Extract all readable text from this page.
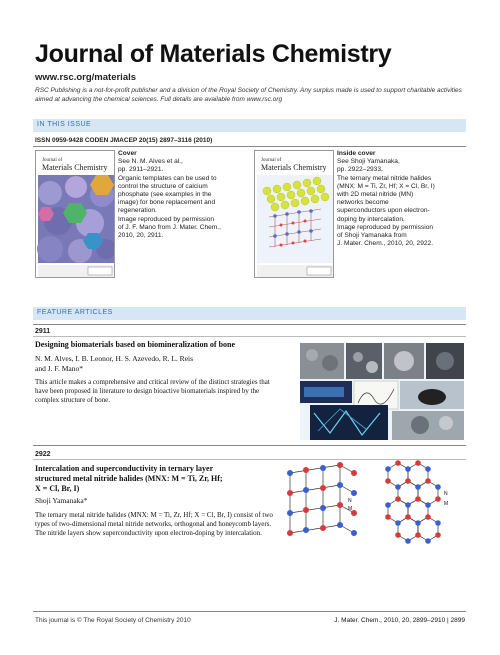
Journal of Materials Chemistry
www.rsc.org/materials
RSC Publishing is a not-for-profit publisher and a division of the Royal Society of Chemistry. Any surplus made is used to support charitable activities aimed at advancing the chemical sciences. Full details are available from www.rsc.org
IN THIS ISSUE
ISSN 0959-9428 CODEN JMACEP 20(15) 2897–3116 (2010)
Journal of
Materials Chemistry
Cover
See N. M. Alves et al.,
pp. 2911–2921.
Organic templates can be used to
control the structure of calcium
phosphate (see examples in the
image) for bone replacement and
regeneration.
Image reproduced by permission
of J. F. Mano from J. Mater. Chem.,
2010, 20, 2911.
Journal of
Materials Chemistry
Inside cover
See Shoji Yamanaka,
pp. 2922–2933.
The ternary metal nitride halides
(MNX: M = Ti, Zr, Hf; X = Cl, Br, I)
with 2D metal nitride (MN)
networks become
superconductors upon electron-
doping by intercalation.
Image reproduced by permission
of Shoji Yamanaka from
J. Mater. Chem., 2010, 20, 2922.
FEATURE ARTICLES
2911
Designing biomaterials based on biomineralization of bone
N. M. Alves, I. B. Leonor, H. S. Azevedo, R. L. Reis
and J. F. Mano*
This article makes a comprehensive and critical review of the distinct strategies that have been proposed in literature to design bioactive biomaterials inspired by the complex structure of bone.
2922
Intercalation and superconductivity in ternary layer
structured metal nitride halides (MNX: M = Ti, Zr, Hf;
X = Cl, Br, I)
Shoji Yamanaka*
The ternary metal nitride halides (MNX: M = Ti, Zr, Hf; X = Cl, Br, I) consist of two types of two-dimensional metal nitride networks, orthogonal and honeycomb layers. The nitride layers show superconductivity upon electron-doping by intercalation.
N
M
N
M
This journal is © The Royal Society of Chemistry 2010	J. Mater. Chem., 2010, 20, 2899–2910 | 2899
